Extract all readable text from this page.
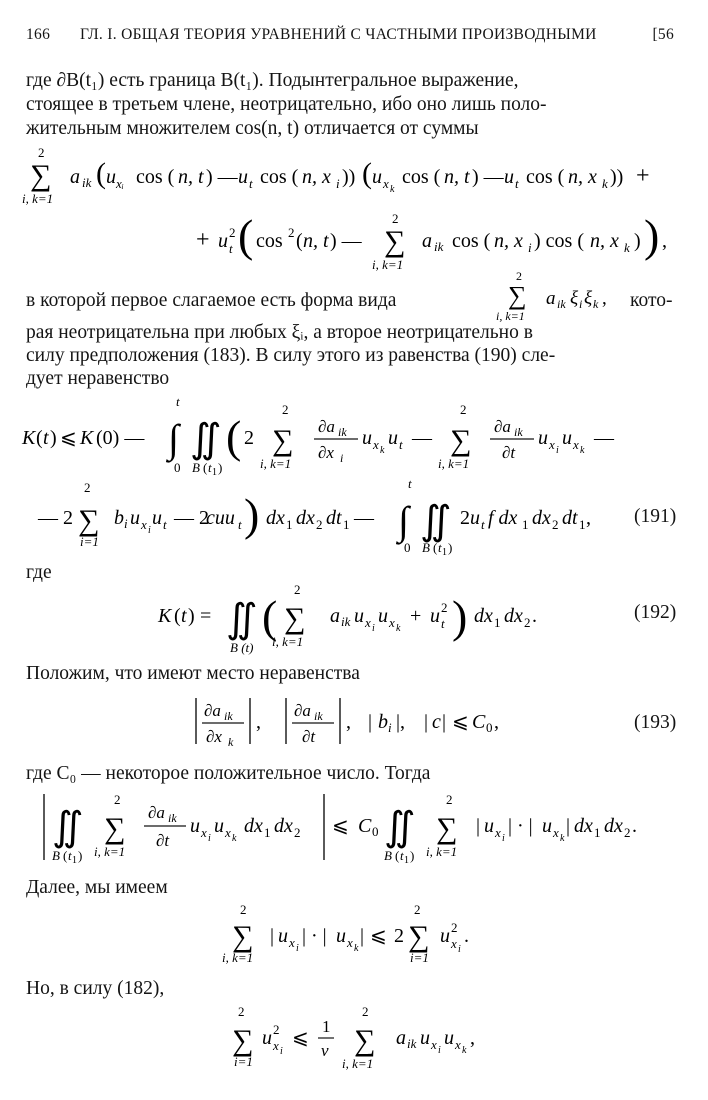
166 ГЛ. I. ОБЩАЯ ТЕОРИЯ УРАВНЕНИЙ С ЧАСТНЫМИ ПРОИЗВОДНЫМИ	[56
где ∂B(t₁) есть граница B(t₁). Подынтегральное выражение,
стоящее в третьем члене, неотрицательно, ибо оно лишь поло-
жительным множителем cos(n, t) отличается от суммы
2
∑
i, k=1
a ik ( u xᵢ cos ( n, t ) — u t cos ( n, x i )) ( u x k
cos ( n, t ) — u t cos ( n, x k )) +
+ u 2
t ( cos 2 ( n, t ) —
2
∑
i, k=1
a ik cos ( n, x i ) cos ( n, x k ) ) ,
в которой первое слагаемое есть форма вида
2
∑
i, k=1
a ik ξ i ξ k , кото-
рая неотрицательна при любых ξᵢ, а второе неотрицательно в
силу предположения (183). В силу этого из равенства (190) сле-
дует неравенство
K ( t ) ⩽ K (0) —
t
∫
0
∬
B ( t 1 )
( 2
2
∑
i, k=1
∂a ik
∂x i
u x k
u t —
2
∑
i, k=1
∂a ik
∂t
u x i
u x k
—
— 2
2
∑
i=1
b i u x i
u t — 2
cuu t ) dx 1 dx 2 dt 1 —
t
∫
0
∬
B ( t 1 )
2 u t f dx 1 dx 2 dt 1 , (191)
где
K ( t ) = ∬
B (t)
(
2
∑
i, k=1
a ik u x i
u x k
+ u 2
t ) dx 1 dx 2 .	(192)
Положим, что имеют место неравенства
∂a ik
∂x k
,
∂a ik
∂t
, | b i |, | c | ⩽ C 0 ,	(193)
где C₀ — некоторое положительное число. Тогда
∬
B ( t 1 )
2
∑
i, k=1
∂a ik
∂t
u x i
u x k
dx 1 dx 2 ⩽ C 0 ∬
B ( t 1 )
2
∑
i, k=1
| u x i
| · | u x k
| dx 1 dx 2 .
Далее, мы имеем
2
∑
i, k=1
| u x i
| · | u x k
| ⩽ 2
2
∑
i=1
u 2
x i
.
Но, в силу (182),
2
∑
i=1
u 2
x i
⩽
1
ν
2
∑
i, k=1
a ik u x i
u x k
,
